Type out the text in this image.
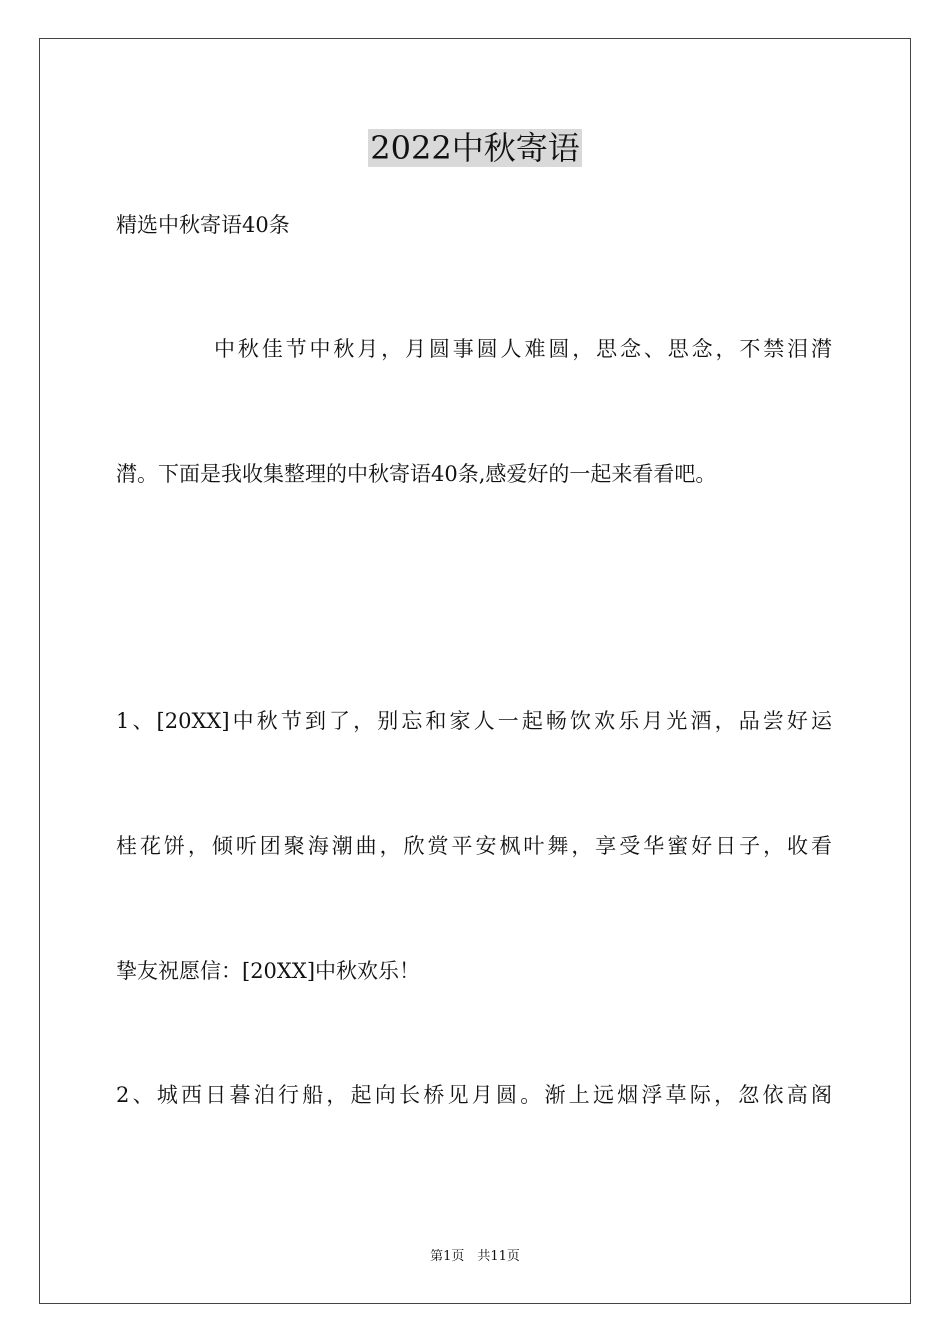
2022中秋寄语
精选中秋寄语40条
中秋佳节中秋月，月圆事圆人难圆，思念、思念，不禁泪潸
潸。下面是我收集整理的中秋寄语40条,感爱好的一起来看看吧。
1、[20XX]中秋节到了，别忘和家人一起畅饮欢乐月光酒，品尝好运
桂花饼，倾听团聚海潮曲，欣赏平安枫叶舞，享受华蜜好日子，收看
挚友祝愿信：[20XX]中秋欢乐！
2、城西日暮泊行船，起向长桥见月圆。渐上远烟浮草际，忽依高阁
第1页　共11页
